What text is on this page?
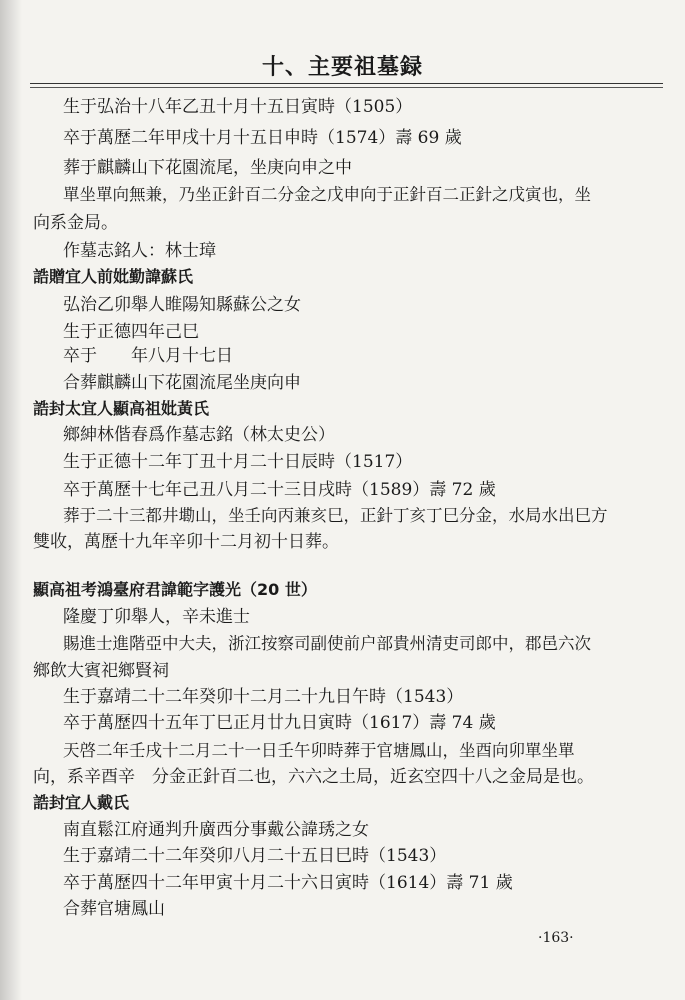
十、主要祖墓録
生于弘治十八年乙丑十月十五日寅時（1505）
卒于萬歷二年甲戌十月十五日申時（1574）壽 69 歲
葬于麒麟山下花園流尾，坐庚向申之中
單坐單向無兼，乃坐正針百二分金之戊申向于正針百二正針之戊寅也，坐
向系金局。
作墓志銘人：林士璋
誥贈宜人前妣勤諱蘇氏
弘治乙卯舉人睢陽知縣蘇公之女
生于正德四年己巳
卒于　　年八月十七日
合葬麒麟山下花園流尾坐庚向申
誥封太宜人顯高祖妣黃氏
鄉紳林偕春爲作墓志銘（林太史公）
生于正德十二年丁丑十月二十日辰時（1517）
卒于萬歷十七年己丑八月二十三日戌時（1589）壽 72 歲
葬于二十三都井墈山，坐壬向丙兼亥巳，正針丁亥丁巳分金，水局水出巳方
雙收，萬歷十九年辛卯十二月初十日葬。
顯高祖考鴻臺府君諱範字護光（20 世）
隆慶丁卯舉人，辛未進士
賜進士進階亞中大夫，浙江按察司副使前户部貴州清吏司郎中，郡邑六次
鄉飲大賓祀鄉賢祠
生于嘉靖二十二年癸卯十二月二十九日午時（1543）
卒于萬歷四十五年丁巳正月廿九日寅時（1617）壽 74 歲
天啓二年壬戌十二月二十一日壬午卯時葬于官塘鳳山，坐酉向卯單坐單
向，系辛酉辛　分金正針百二也，六六之土局，近玄空四十八之金局是也。
誥封宜人戴氏
南直鬆江府通判升廣西分事戴公諱琇之女
生于嘉靖二十二年癸卯八月二十五日巳時（1543）
卒于萬歷四十二年甲寅十月二十六日寅時（1614）壽 71 歲
合葬官塘鳳山
·163·
